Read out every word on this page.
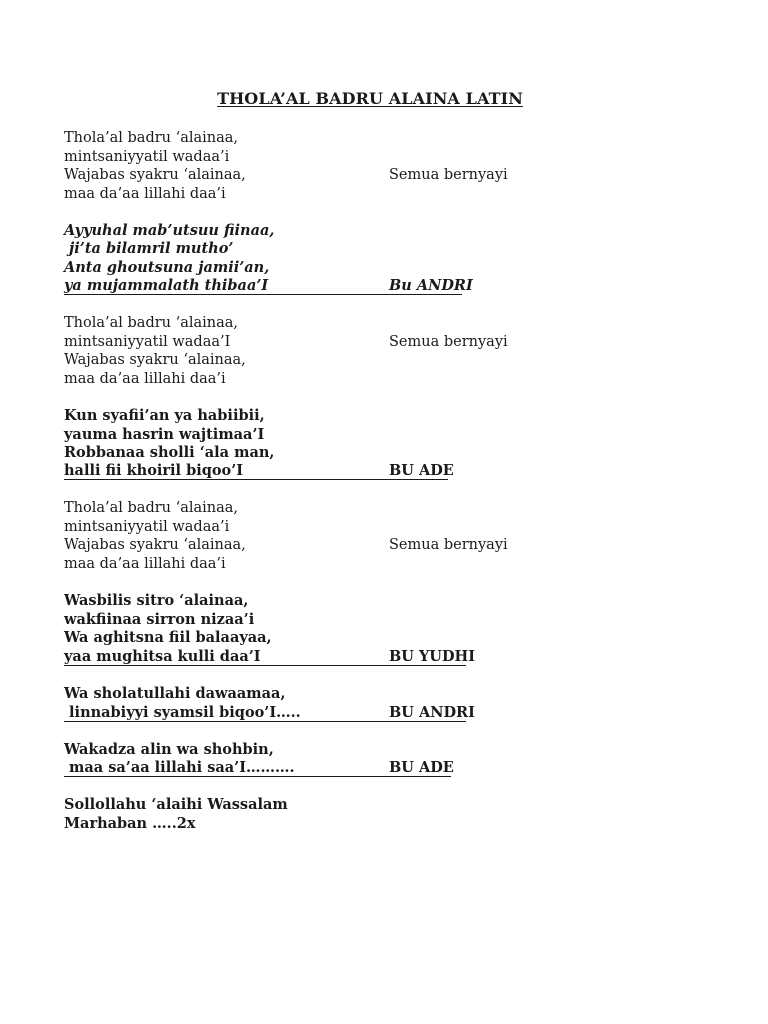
THOLA’AL BADRU ALAINA LATIN
Thola’al badru ‘alainaa,
mintsaniyyatil wadaa’i
Wajabas syakru ‘alainaa,
maa da’aa lillahi daa’i
Semua bernyayi
Ayyuhal mab’utsuu fiinaa,
ji’ta bilamril mutho’
Anta ghoutsuna jamii’an,
ya mujammalath thibaa’I	Bu ANDRI
Thola’al badru ‘alainaa,
mintsaniyyatil wadaa’I
Wajabas syakru ‘alainaa,
maa da’aa lillahi daa’i
Semua bernyayi
Kun syafii’an ya habiibii,
yauma hasrin wajtimaa’I
Robbanaa sholli ‘ala man,
halli fii khoiril biqoo’I	BU ADE
Thola’al badru ‘alainaa,
mintsaniyyatil wadaa’i
Wajabas syakru ‘alainaa,
maa da’aa lillahi daa’i
Semua bernyayi
Wasbilis sitro ‘alainaa,
wakfiinaa sirron nizaa’i
Wa aghitsna fiil balaayaa,
yaa mughitsa kulli daa’I	BU YUDHI
Wa sholatullahi dawaamaa,
linnabiyyi syamsil biqoo’I…..	BU ANDRI
Wakadza alin wa shohbin,
maa sa’aa lillahi saa’I……….	BU ADE
Sollollahu ‘alaihi Wassalam
Marhaban …..2x
